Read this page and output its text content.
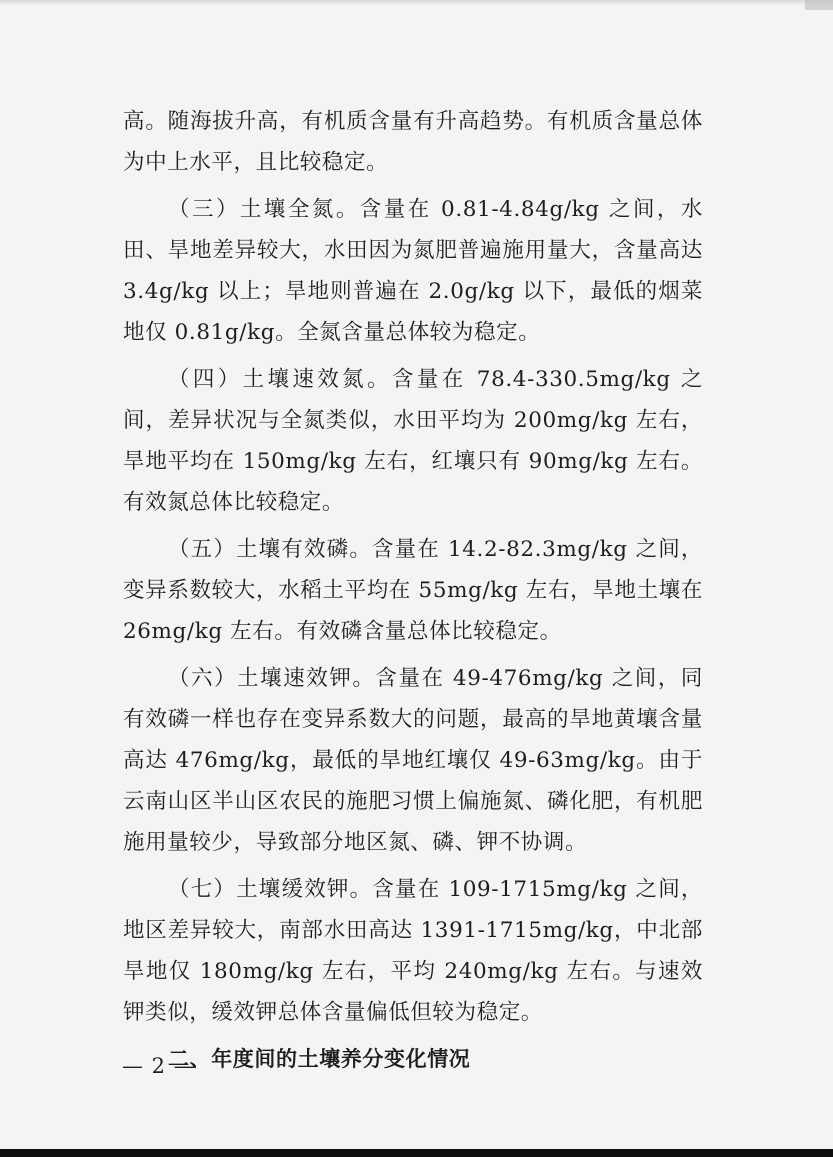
高。随海拔升高，有机质含量有升高趋势。有机质含量总体为中上水平，且比较稳定。

（三）土壤全氮。含量在 0.81-4.84g/kg 之间，水田、旱地差异较大，水田因为氮肥普遍施用量大，含量高达 3.4g/kg 以上；旱地则普遍在 2.0g/kg 以下，最低的烟菜地仅 0.81g/kg。全氮含量总体较为稳定。

（四）土壤速效氮。含量在 78.4-330.5mg/kg 之间，差异状况与全氮类似，水田平均为 200mg/kg 左右，旱地平均在 150mg/kg 左右，红壤只有 90mg/kg 左右。有效氮总体比较稳定。

（五）土壤有效磷。含量在 14.2-82.3mg/kg 之间，变异系数较大，水稻土平均在 55mg/kg 左右，旱地土壤在 26mg/kg 左右。有效磷含量总体比较稳定。

（六）土壤速效钾。含量在 49-476mg/kg 之间，同有效磷一样也存在变异系数大的问题，最高的旱地黄壤含量高达 476mg/kg，最低的旱地红壤仅 49-63mg/kg。由于云南山区半山区农民的施肥习惯上偏施氮、磷化肥，有机肥施用量较少，导致部分地区氮、磷、钾不协调。

（七）土壤缓效钾。含量在 109-1715mg/kg 之间，地区差异较大，南部水田高达 1391-1715mg/kg，中北部旱地仅 180mg/kg 左右，平均 240mg/kg 左右。与速效钾类似，缓效钾总体含量偏低但较为稳定。

二、年度间的土壤养分变化情况
— 2 —
